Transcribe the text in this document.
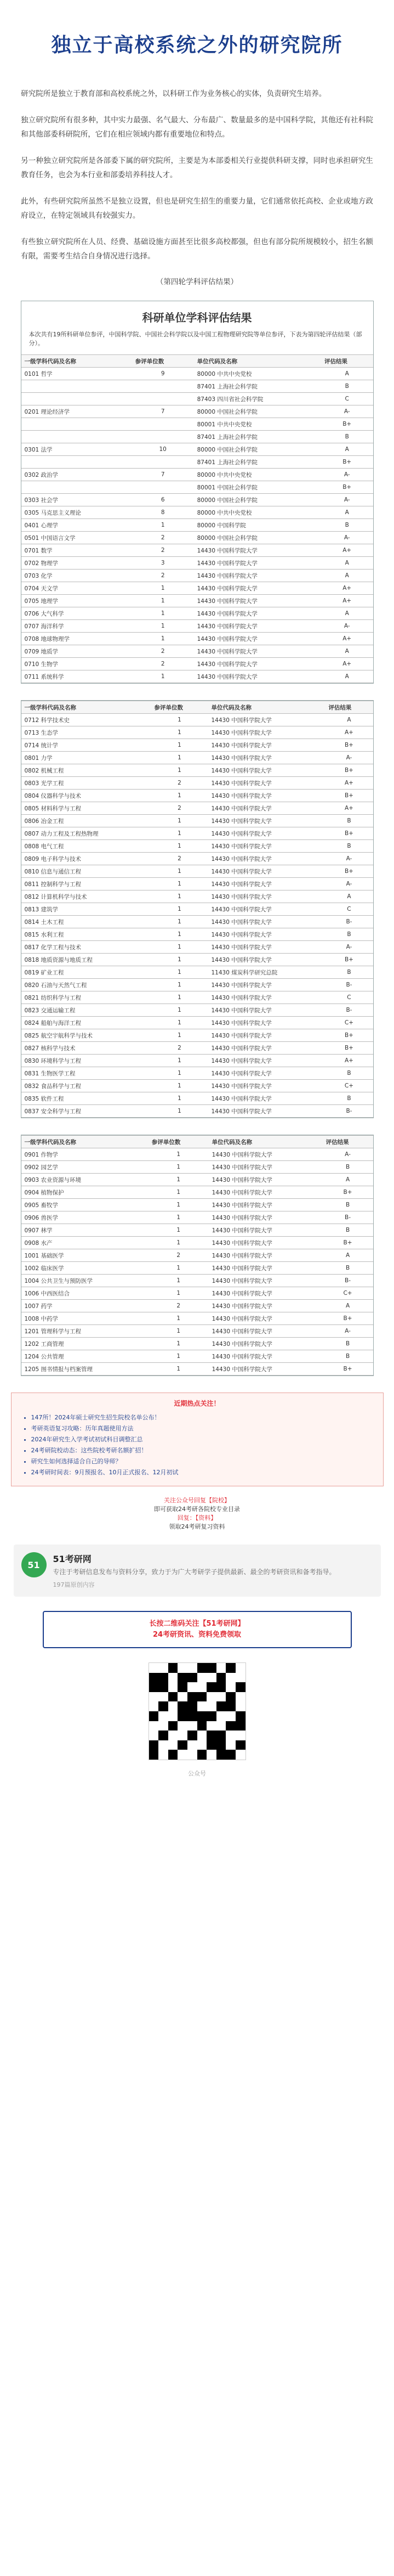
独立于高校系统之外的研究院所

研究院所是独立于教育部和高校系统之外，以科研工作为业务核心的实体，负责研究生培养。

独立研究院所有很多种，其中实力最强、名气最大、分布最广、数量最多的是中国科学院，其他还有社科院和其他部委科研院所，它们在相应领域内都有重要地位和特点。

另一种独立研究院所是各部委下属的研究院所，主要是为本部委相关行业提供科研支撑，同时也承担研究生教育任务，也会为本行业和部委培养科技人才。

此外，有些研究院所虽然不是独立设置，但也是研究生招生的重要力量，它们通常依托高校、企业或地方政府设立，在特定领域具有较强实力。

有些独立研究院所在人员、经费、基础设施方面甚至比很多高校都强，但也有部分院所规模较小，招生名额有限，需要考生结合自身情况进行选择。

（第四轮学科评估结果）
科研单位学科评估结果
本次共有19所科研单位参评，中国科学院、中国社会科学院以及中国工程物理研究院等单位参评，下表为第四轮评估结果（部分）。
一级学科代码及名称	参评单位数	单位代码及名称	评估结果
0101 哲学	9	80000 中共中央党校	A
		87401 上海社会科学院	B
		87403 四川省社会科学院	C
0201 理论经济学	7	80000 中国社会科学院	A-
		80001 中共中央党校	B+
		87401 上海社会科学院	B
0301 法学	10	80000 中国社会科学院	A
		87401 上海社会科学院	B+
0302 政治学	7	80000 中共中央党校	A-
		80001 中国社会科学院	B+
0303 社会学	6	80000 中国社会科学院	A-
0305 马克思主义理论	8	80000 中共中央党校	A
0401 心理学	1	80000 中国科学院	B
0501 中国语言文学	2	80000 中国社会科学院	A-
0701 数学	2	14430 中国科学院大学	A+
0702 物理学	3	14430 中国科学院大学	A
0703 化学	2	14430 中国科学院大学	A
0704 天文学	1	14430 中国科学院大学	A+
0705 地理学	1	14430 中国科学院大学	A+
0706 大气科学	1	14430 中国科学院大学	A
0707 海洋科学	1	14430 中国科学院大学	A-
0708 地球物理学	1	14430 中国科学院大学	A+
0709 地质学	2	14430 中国科学院大学	A
0710 生物学	2	14430 中国科学院大学	A+
0711 系统科学	1	14430 中国科学院大学	A
一级学科代码及名称	参评单位数	单位代码及名称	评估结果
0712 科学技术史	1	14430 中国科学院大学	A
0713 生态学	1	14430 中国科学院大学	A+
0714 统计学	1	14430 中国科学院大学	B+
0801 力学	1	14430 中国科学院大学	A-
0802 机械工程	1	14430 中国科学院大学	B+
0803 光学工程	2	14430 中国科学院大学	A+
0804 仪器科学与技术	1	14430 中国科学院大学	B+
0805 材料科学与工程	2	14430 中国科学院大学	A+
0806 冶金工程	1	14430 中国科学院大学	B
0807 动力工程及工程热物理	1	14430 中国科学院大学	B+
0808 电气工程	1	14430 中国科学院大学	B
0809 电子科学与技术	2	14430 中国科学院大学	A-
0810 信息与通信工程	1	14430 中国科学院大学	B+
0811 控制科学与工程	1	14430 中国科学院大学	A-
0812 计算机科学与技术	1	14430 中国科学院大学	A
0813 建筑学	1	14430 中国科学院大学	C
0814 土木工程	1	14430 中国科学院大学	B-
0815 水利工程	1	14430 中国科学院大学	B
0817 化学工程与技术	1	14430 中国科学院大学	A-
0818 地质资源与地质工程	1	14430 中国科学院大学	B+
0819 矿业工程	1	11430 煤炭科学研究总院	B
0820 石油与天然气工程	1	14430 中国科学院大学	B-
0821 纺织科学与工程	1	14430 中国科学院大学	C
0823 交通运输工程	1	14430 中国科学院大学	B-
0824 船舶与海洋工程	1	14430 中国科学院大学	C+
0825 航空宇航科学与技术	1	14430 中国科学院大学	B+
0827 核科学与技术	2	14430 中国科学院大学	B+
0830 环境科学与工程	1	14430 中国科学院大学	A+
0831 生物医学工程	1	14430 中国科学院大学	B
0832 食品科学与工程	1	14430 中国科学院大学	C+
0835 软件工程	1	14430 中国科学院大学	B
0837 安全科学与工程	1	14430 中国科学院大学	B-
一级学科代码及名称	参评单位数	单位代码及名称	评估结果
0901 作物学	1	14430 中国科学院大学	A-
0902 园艺学	1	14430 中国科学院大学	B
0903 农业资源与环境	1	14430 中国科学院大学	A
0904 植物保护	1	14430 中国科学院大学	B+
0905 畜牧学	1	14430 中国科学院大学	B
0906 兽医学	1	14430 中国科学院大学	B-
0907 林学	1	14430 中国科学院大学	B
0908 水产	1	14430 中国科学院大学	B+
1001 基础医学	2	14430 中国科学院大学	A
1002 临床医学	1	14430 中国科学院大学	B
1004 公共卫生与预防医学	1	14430 中国科学院大学	B-
1006 中西医结合	1	14430 中国科学院大学	C+
1007 药学	2	14430 中国科学院大学	A
1008 中药学	1	14430 中国科学院大学	B+
1201 管理科学与工程	1	14430 中国科学院大学	A-
1202 工商管理	1	14430 中国科学院大学	B
1204 公共管理	1	14430 中国科学院大学	B
1205 图书情报与档案管理	1	14430 中国科学院大学	B+
近期热点关注！
• 147所！2024年硕士研究生招生院校名单公布！
• 考研英语复习攻略：历年真题使用方法
• 2024年研究生入学考试初试科目调整汇总
• 24考研院校动态：这些院校考研名额扩招！
• 研究生如何选择适合自己的导师？
• 24考研时间表：9月预报名、10月正式报名、12月初试
关注公众号回复【院校】
即可获取24考研各院校专业目录
回复：【资料】
领取24考研复习资料
51
51考研网
专注于考研信息发布与资料分享，致力于为广大考研学子提供最新、最全的考研资讯和备考指导。
197篇原创内容
长按二维码关注【51考研网】
24考研资讯、资料免费领取
公众号
